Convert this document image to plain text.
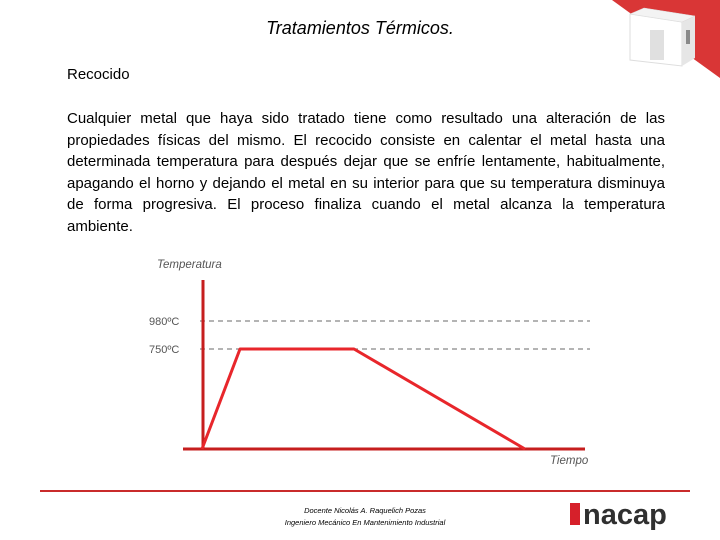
Tratamientos Térmicos.
Recocido
Cualquier metal que haya sido tratado tiene como resultado una alteración de las propiedades físicas del mismo. El recocido consiste en calentar el metal hasta una determinada temperatura para después dejar que se enfríe lentamente, habitualmente, apagando el horno y dejando el metal en su interior para que su temperatura disminuya de forma progresiva. El proceso finaliza cuando el metal alcanza la temperatura ambiente.
Temperatura
Tiempo
980ºC
750ºC
Docente Nicolás A. Raquelich Pozas
Ingeniero Mecánico En Mantenimiento Industrial	nacap
